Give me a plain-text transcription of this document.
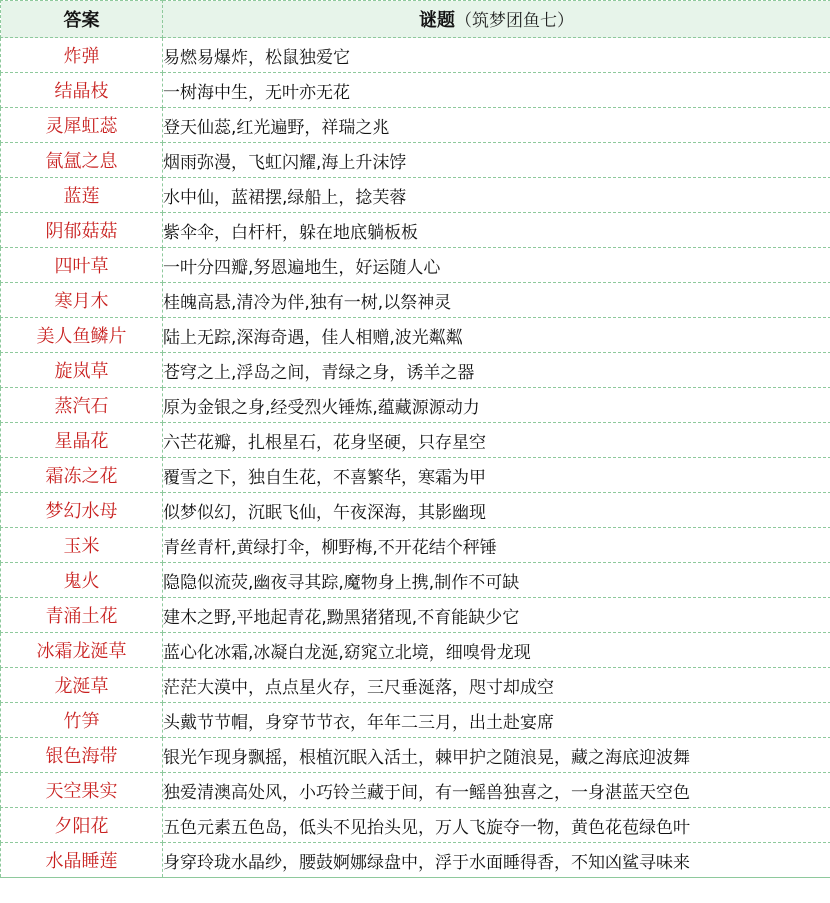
答案	谜题（筑梦团鱼七）
炸弹	易燃易爆炸，松鼠独爱它
结晶枝	一树海中生，无叶亦无花
灵犀虹蕊	登天仙蕊,红光遍野，祥瑞之兆
氤氲之息	烟雨弥漫，飞虹闪耀,海上升沫饽
蓝莲	水中仙，蓝裙摆,绿船上，捻芙蓉
阴郁菇菇	紫伞伞，白杆杆，躲在地底躺板板
四叶草	一叶分四瓣,努恩遍地生，好运随人心
寒月木	桂魄高悬,清冷为伴,独有一树,以祭神灵
美人鱼鳞片	陆上无踪,深海奇遇，佳人相赠,波光粼粼
旋岚草	苍穹之上,浮岛之间，青绿之身，诱羊之器
蒸汽石	原为金银之身,经受烈火锤炼,蕴藏源源动力
星晶花	六芒花瓣，扎根星石，花身坚硬，只存星空
霜冻之花	覆雪之下，独自生花，不喜繁华，寒霜为甲
梦幻水母	似梦似幻，沉眠飞仙，午夜深海，其影幽现
玉米	青丝青杆,黄绿打伞，柳野梅,不开花结个秤锤
鬼火	隐隐似流荧,幽夜寻其踪,魔物身上携,制作不可缺
青涌土花	建木之野,平地起青花,黝黑猪猪现,不育能缺少它
冰霜龙涎草	蓝心化冰霜,冰凝白龙涎,窈窕立北境，细嗅骨龙现
龙涎草	茫茫大漠中，点点星火存，三尺垂涎落，咫寸却成空
竹笋	头戴节节帽，身穿节节衣，年年二三月，出土赴宴席
银色海带	银光乍现身飘摇，根植沉眠入活土，棘甲护之随浪晃，藏之海底迎波舞
天空果实	独爱清澳高处风，小巧铃兰藏于间，有一鳐兽独喜之，一身湛蓝天空色
夕阳花	五色元素五色岛，低头不见抬头见，万人飞旋夺一物，黄色花苞绿色叶
水晶睡莲	身穿玲珑水晶纱，腰鼓婀娜绿盘中，浮于水面睡得香，不知凶鲨寻味来
